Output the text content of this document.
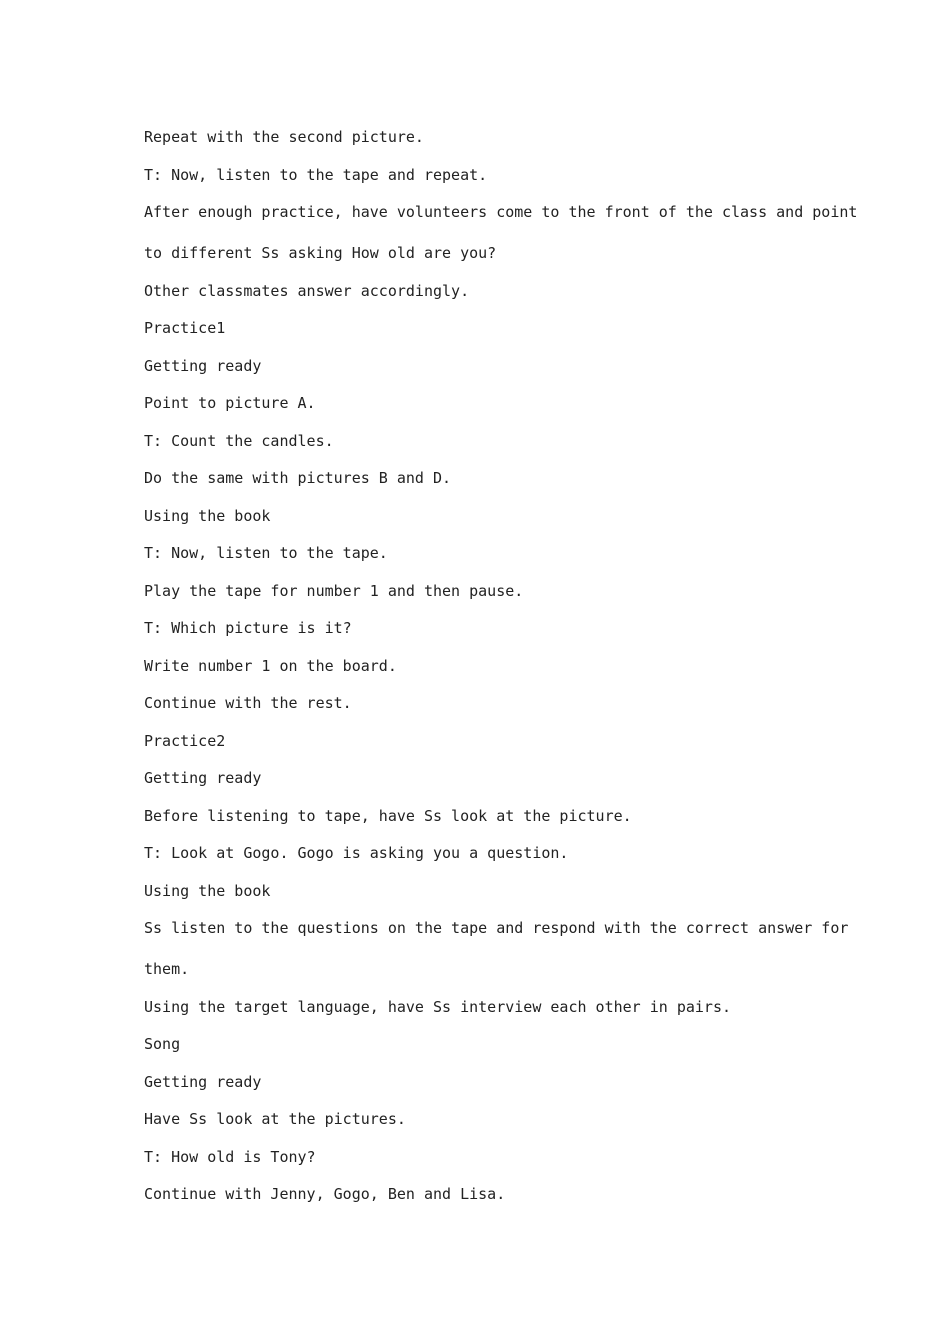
Repeat with the second picture.
T: Now, listen to the tape and repeat.
After enough practice, have volunteers come to the front of the class and point
to different Ss asking How old are you?
Other classmates answer accordingly.
Practice1
Getting ready
Point to picture A.
T: Count the candles.
Do the same with pictures B and D.
Using the book
T: Now, listen to the tape.
Play the tape for number 1 and then pause.
T: Which picture is it?
Write number 1 on the board.
Continue with the rest.
Practice2
Getting ready
Before listening to tape, have Ss look at the picture.
T: Look at Gogo. Gogo is asking you a question.
Using the book
Ss listen to the questions on the tape and respond with the correct answer for
them.
Using the target language, have Ss interview each other in pairs.
Song
Getting ready
Have Ss look at the pictures.
T: How old is Tony?
Continue with Jenny, Gogo, Ben and Lisa.
